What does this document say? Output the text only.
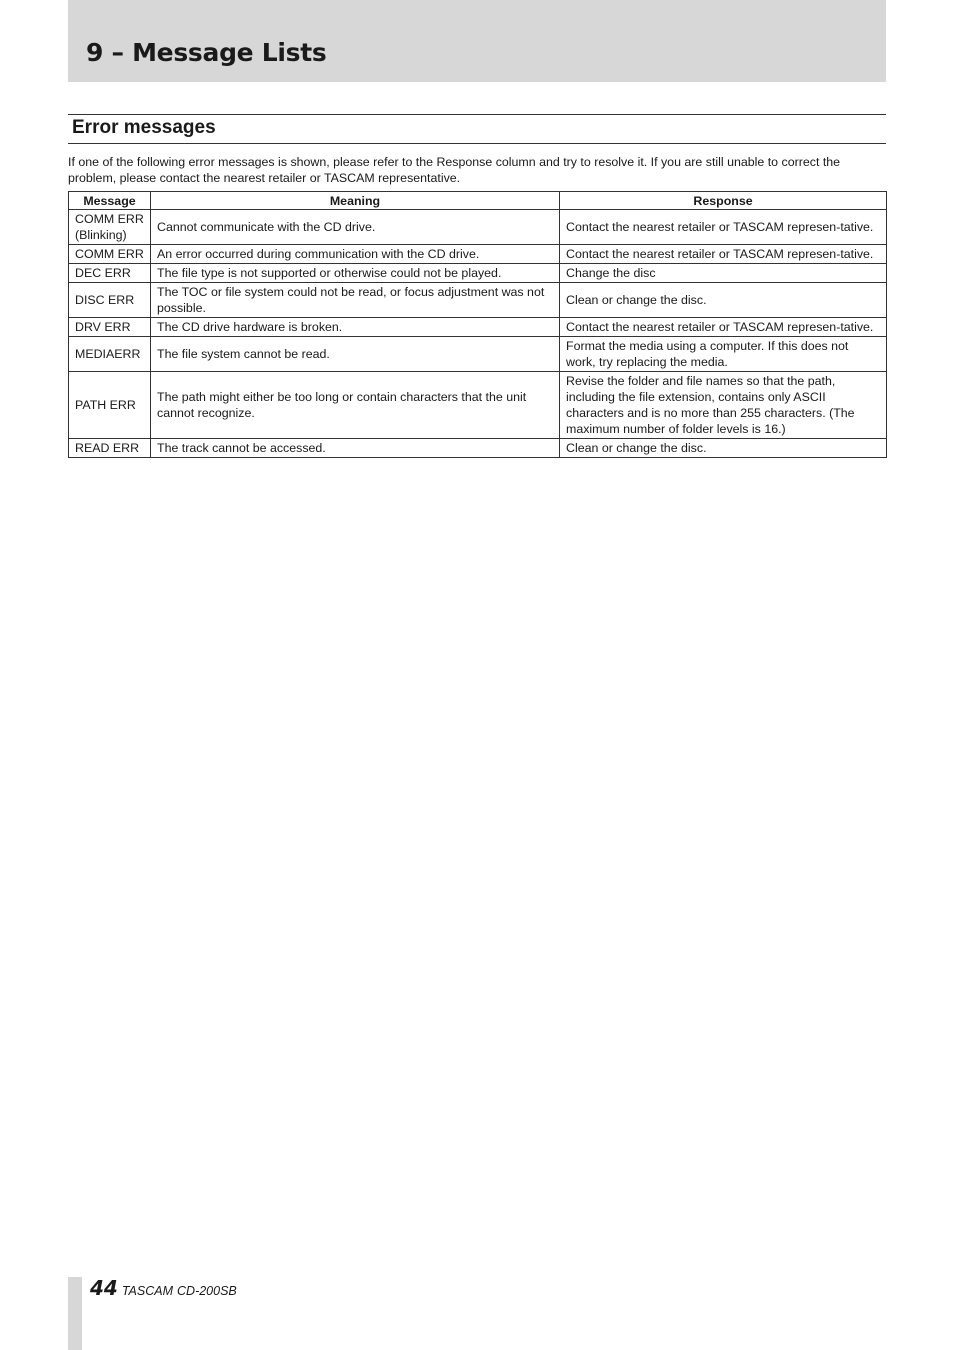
9 – Message Lists
Error messages

If one of the following error messages is shown, please refer to the Response column and try to resolve it. If you are still unable to correct the problem, please contact the nearest retailer or TASCAM representative.

Message	Meaning	Response
COMM ERR (Blinking)	Cannot communicate with the CD drive.	Contact the nearest retailer or TASCAM represen-tative.
COMM ERR	An error occurred during communication with the CD drive.	Contact the nearest retailer or TASCAM represen-tative.
DEC ERR	The file type is not supported or otherwise could not be played.	Change the disc
DISC ERR	The TOC or file system could not be read, or focus adjustment was not possible.	Clean or change the disc.
DRV ERR	The CD drive hardware is broken.	Contact the nearest retailer or TASCAM represen-tative.
MEDIAERR	The file system cannot be read.	Format the media using a computer. If this does not work, try replacing the media.
PATH ERR	The path might either be too long or contain characters that the unit cannot recognize.	Revise the folder and file names so that the path, including the file extension, contains only ASCII characters and is no more than 255 characters. (The maximum number of folder levels is 16.)
READ ERR	The track cannot be accessed.	Clean or change the disc.
44 TASCAM CD-200SB
